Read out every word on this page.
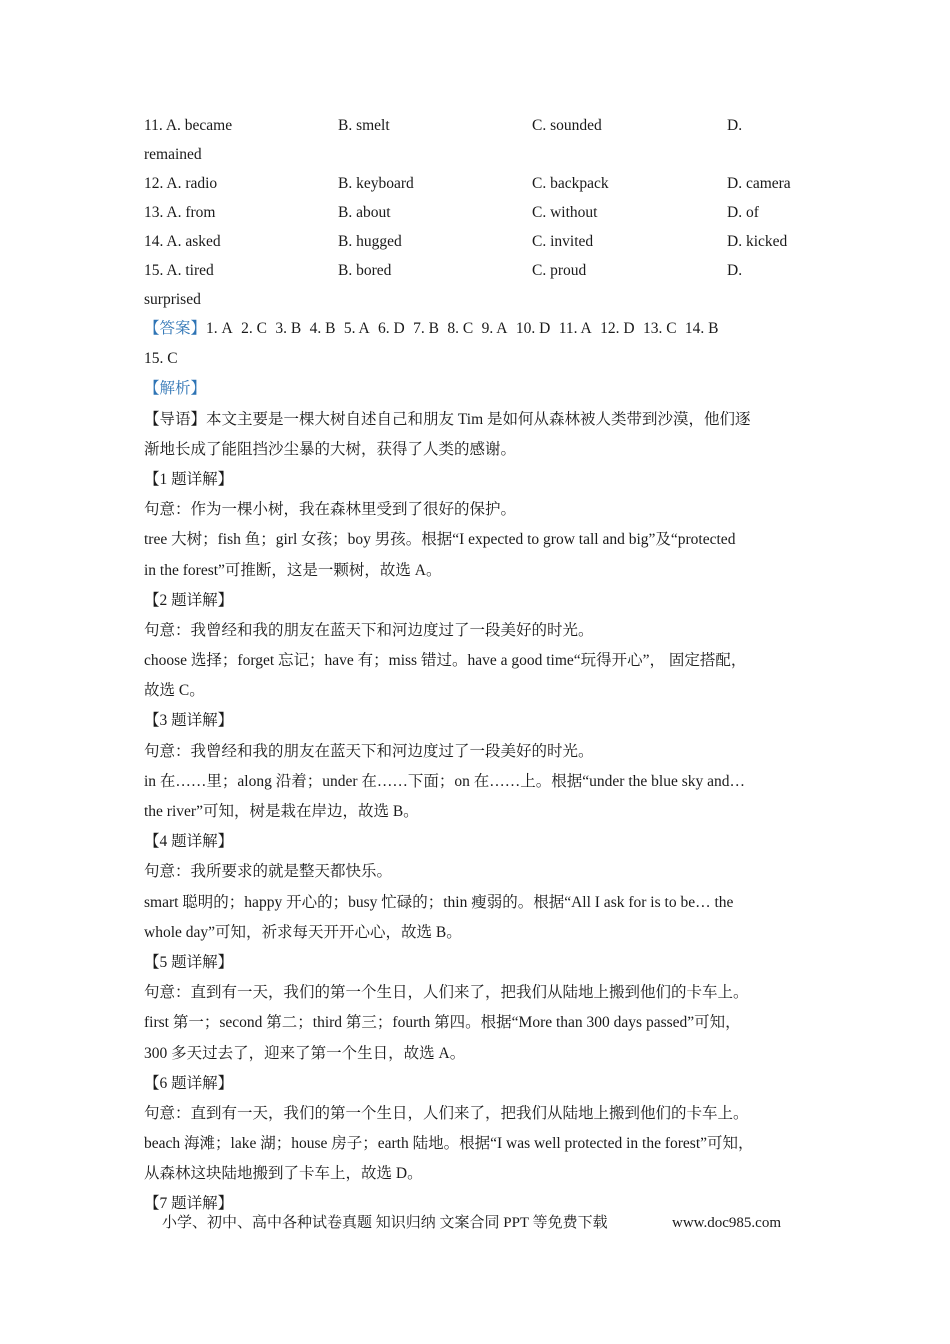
11. A. became	B. smelt	C. sounded	D.
remained
12. A. radio	B. keyboard	C. backpack	D. camera
13. A. from	B. about	C. without	D. of
14. A. asked	B. hugged	C. invited	D. kicked
15. A. tired	B. bored	C. proud	D.
surprised
【答案】1. A 2. C 3. B 4. B 5. A 6. D 7. B 8. C 9. A 10. D 11. A 12. D 13. C 14. B
15. C
【解析】
【导语】本文主要是一棵大树自述自己和朋友 Tim 是如何从森林被人类带到沙漠，他们逐
渐地长成了能阻挡沙尘暴的大树，获得了人类的感谢。
【1 题详解】
句意：作为一棵小树，我在森林里受到了很好的保护。
tree 大树；fish 鱼；girl 女孩；boy 男孩。根据“I expected to grow tall and big”及“protected
in the forest”可推断，这是一颗树，故选 A。
【2 题详解】
句意：我曾经和我的朋友在蓝天下和河边度过了一段美好的时光。
choose 选择；forget 忘记；have 有；miss 错过。have a good time“玩得开心”， 固定搭配，
故选 C。
【3 题详解】
句意：我曾经和我的朋友在蓝天下和河边度过了一段美好的时光。
in 在……里；along 沿着；under 在……下面；on 在……上。根据“under the blue sky and…
the river”可知，树是栽在岸边，故选 B。
【4 题详解】
句意：我所要求的就是整天都快乐。
smart 聪明的；happy 开心的；busy 忙碌的；thin 瘦弱的。根据“All I ask for is to be… the
whole day”可知，祈求每天开开心心，故选 B。
【5 题详解】
句意：直到有一天，我们的第一个生日，人们来了，把我们从陆地上搬到他们的卡车上。
first 第一；second 第二；third 第三；fourth 第四。根据“More than 300 days passed”可知，
300 多天过去了，迎来了第一个生日，故选 A。
【6 题详解】
句意：直到有一天，我们的第一个生日，人们来了，把我们从陆地上搬到他们的卡车上。
beach 海滩；lake 湖；house 房子；earth 陆地。根据“I was well protected in the forest”可知，
从森林这块陆地搬到了卡车上，故选 D。
【7 题详解】
小学、初中、高中各种试卷真题 知识归纳 文案合同 PPT 等免费下载	www.doc985.com
